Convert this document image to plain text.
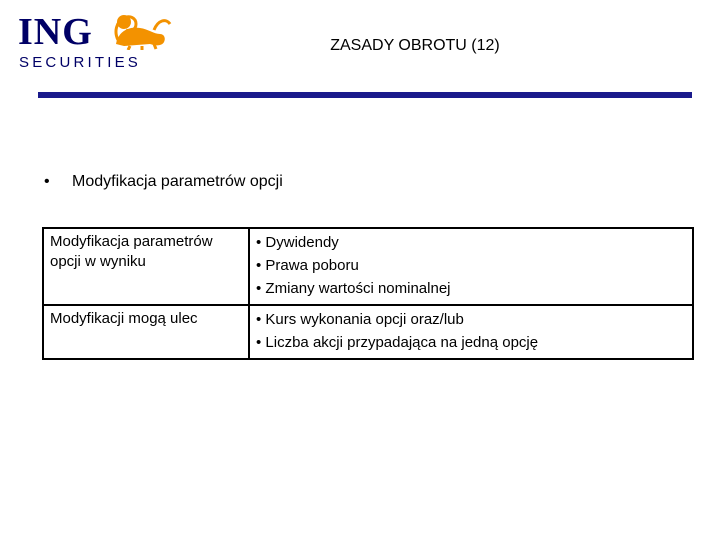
ING
SECURITIES
ZASADY OBROTU (12)
• Modyfikacja parametrów opcji
Modyfikacja parametrów opcji w wyniku	• Dywidendy
• Prawa poboru
• Zmiany wartości nominalnej

Modyfikacji mogą ulec	• Kurs wykonania opcji oraz/lub
• Liczba akcji przypadająca na jedną opcję
